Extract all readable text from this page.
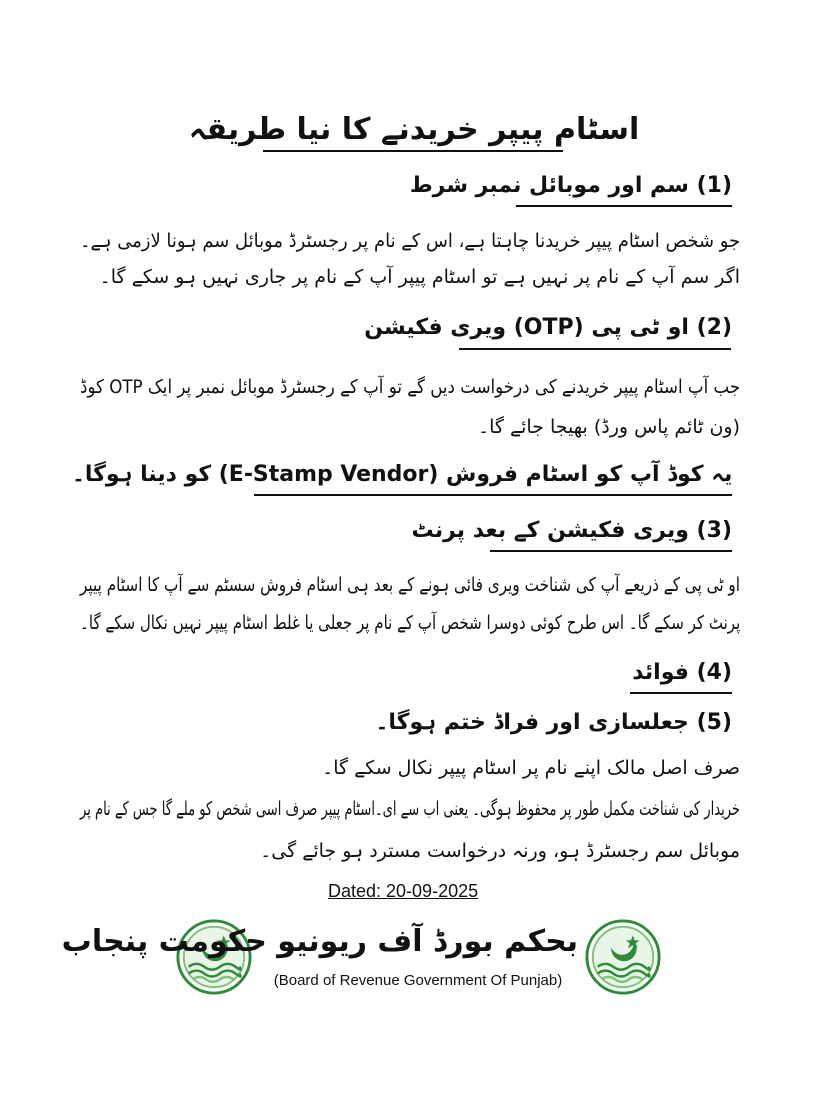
اسٹام پیپر خریدنے کا نیا طریقہ
(1) سم اور موبائل نمبر شرط
جو شخص اسٹام پیپر خریدنا چاہتا ہے، اس کے نام پر رجسٹرڈ موبائل سم ہونا لازمی ہے۔
اگر سم آپ کے نام پر نہیں ہے تو اسٹام پیپر آپ کے نام پر جاری نہیں ہو سکے گا۔
(2) او ٹی پی (OTP) ویری فکیشن
جب آپ اسٹام پیپر خریدنے کی درخواست دیں گے تو آپ کے رجسٹرڈ موبائل نمبر پر ایک OTP کوڈ
(ون ٹائم پاس ورڈ) بھیجا جائے گا۔
یہ کوڈ آپ کو اسٹام فروش (E-Stamp Vendor) کو دینا ہوگا۔
(3) ویری فکیشن کے بعد پرنٹ
او ٹی پی کے ذریعے آپ کی شناخت ویری فائی ہونے کے بعد ہی اسٹام فروش سسٹم سے آپ کا اسٹام پیپر
پرنٹ کر سکے گا۔ اس طرح کوئی دوسرا شخص آپ کے نام پر جعلی یا غلط اسٹام پیپر نہیں نکال سکے گا۔
(4) فوائد
(5) جعلسازی اور فراڈ ختم ہوگا۔
صرف اصل مالک اپنے نام پر اسٹام پیپر نکال سکے گا۔
خریدار کی شناخت مکمل طور پر محفوظ ہوگی۔ یعنی اب سے ای۔اسٹام پیپر صرف اسی شخص کو ملے گا جس کے نام پر
موبائل سم رجسٹرڈ ہو، ورنہ درخواست مسترد ہو جائے گی۔
Dated: 20-09-2025
بحکم بورڈ آف ریونیو حکومت پنجاب
(Board of Revenue Government Of Punjab)
